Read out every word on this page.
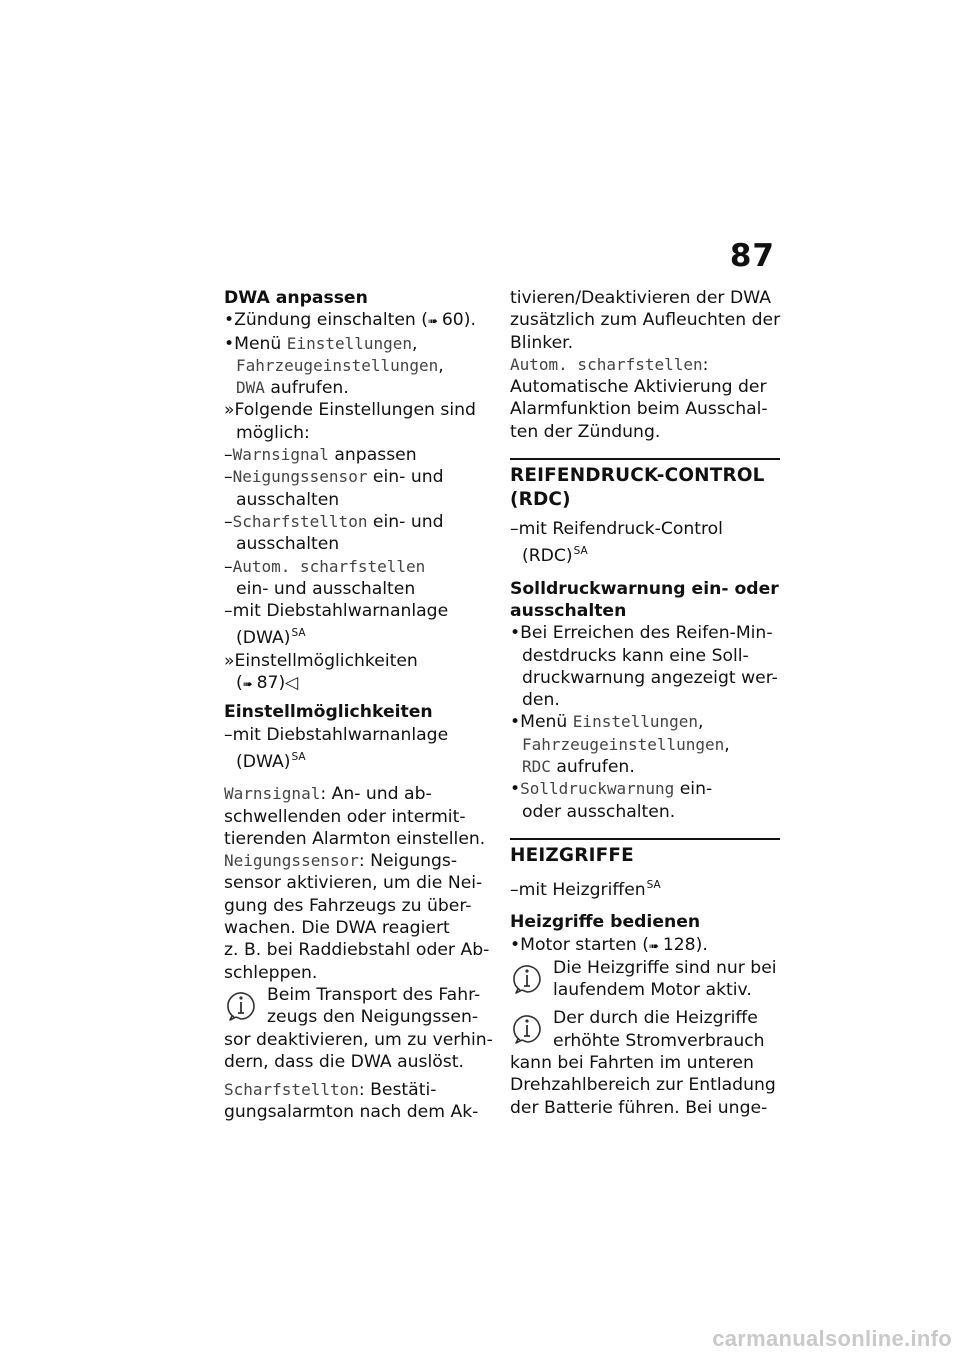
87
DWA anpassen
•Zündung einschalten (➠ 60).
•Menü Einstellungen,
Fahrzeugeinstellungen,
DWA aufrufen.
»Folgende Einstellungen sind
möglich:
–Warnsignal anpassen
–Neigungssensor ein- und
ausschalten
–Scharfstellton ein- und
ausschalten
–Autom. scharfstellen
ein- und ausschalten
–mit Diebstahlwarnanlage
(DWA)$^{SA}$
»Einstellmöglichkeiten
(➠ 87)◁
Einstellmöglichkeiten
–mit Diebstahlwarnanlage
(DWA)$^{SA}$
Warnsignal: An- und ab-
schwellenden oder intermit-
tierenden Alarmton einstellen.
Neigungssensor: Neigungs-
sensor aktivieren, um die Nei-
gung des Fahrzeugs zu über-
wachen. Die DWA reagiert
z. B. bei Raddiebstahl oder Ab-
schleppen.
Beim Transport des Fahr-
zeugs den Neigungssen-
sor deaktivieren, um zu verhin-
dern, dass die DWA auslöst.
Scharfstellton: Bestäti-
gungsalarmton nach dem Ak-
tivieren/Deaktivieren der DWA
zusätzlich zum Aufleuchten der
Blinker.
Autom. scharfstellen:
Automatische Aktivierung der
Alarmfunktion beim Ausschal-
ten der Zündung.
REIFENDRUCK-CONTROL
(RDC)
–mit Reifendruck-Control
(RDC)$^{SA}$
Solldruckwarnung ein- oder
ausschalten
•Bei Erreichen des Reifen-Min-
destdrucks kann eine Soll-
druckwarnung angezeigt wer-
den.
•Menü Einstellungen,
Fahrzeugeinstellungen,
RDC aufrufen.
•Solldruckwarnung ein-
oder ausschalten.
HEIZGRIFFE
–mit Heizgriffen$^{SA}$
Heizgriffe bedienen
•Motor starten (➠ 128).
Die Heizgriffe sind nur bei
laufendem Motor aktiv.
Der durch die Heizgriffe
erhöhte Stromverbrauch
kann bei Fahrten im unteren
Drehzahlbereich zur Entladung
der Batterie führen. Bei unge-
carmanualsonline.info
